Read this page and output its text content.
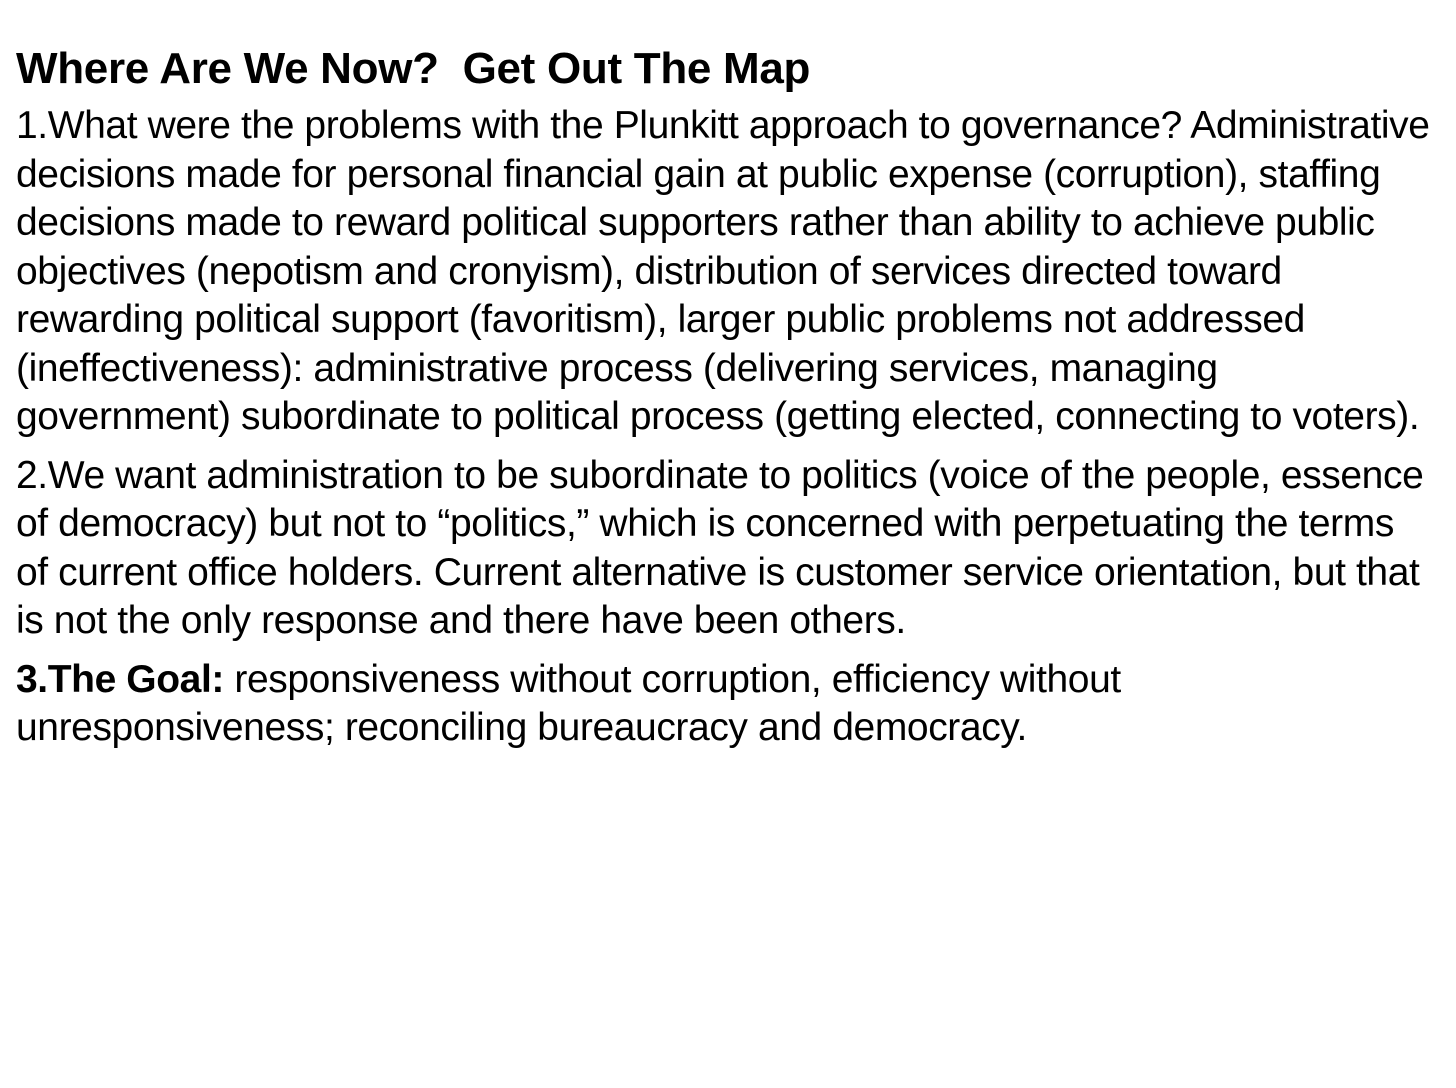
Where Are We Now?  Get Out The Map
1.What were the problems with the Plunkitt approach to governance? Administrative decisions made for personal financial gain at public expense (corruption), staffing decisions made to reward political supporters rather than ability to achieve public objectives (nepotism and cronyism), distribution of services directed toward rewarding political support (favoritism), larger public problems not addressed (ineffectiveness): administrative process (delivering services, managing government) subordinate to political process (getting elected, connecting to voters).
2.We want administration to be subordinate to politics (voice of the people, essence of democracy) but not to “politics,” which is concerned with perpetuating the terms of current office holders. Current alternative is customer service orientation, but that is not the only response and there have been others.
3.The Goal: responsiveness without corruption, efficiency without unresponsiveness; reconciling bureaucracy and democracy.
